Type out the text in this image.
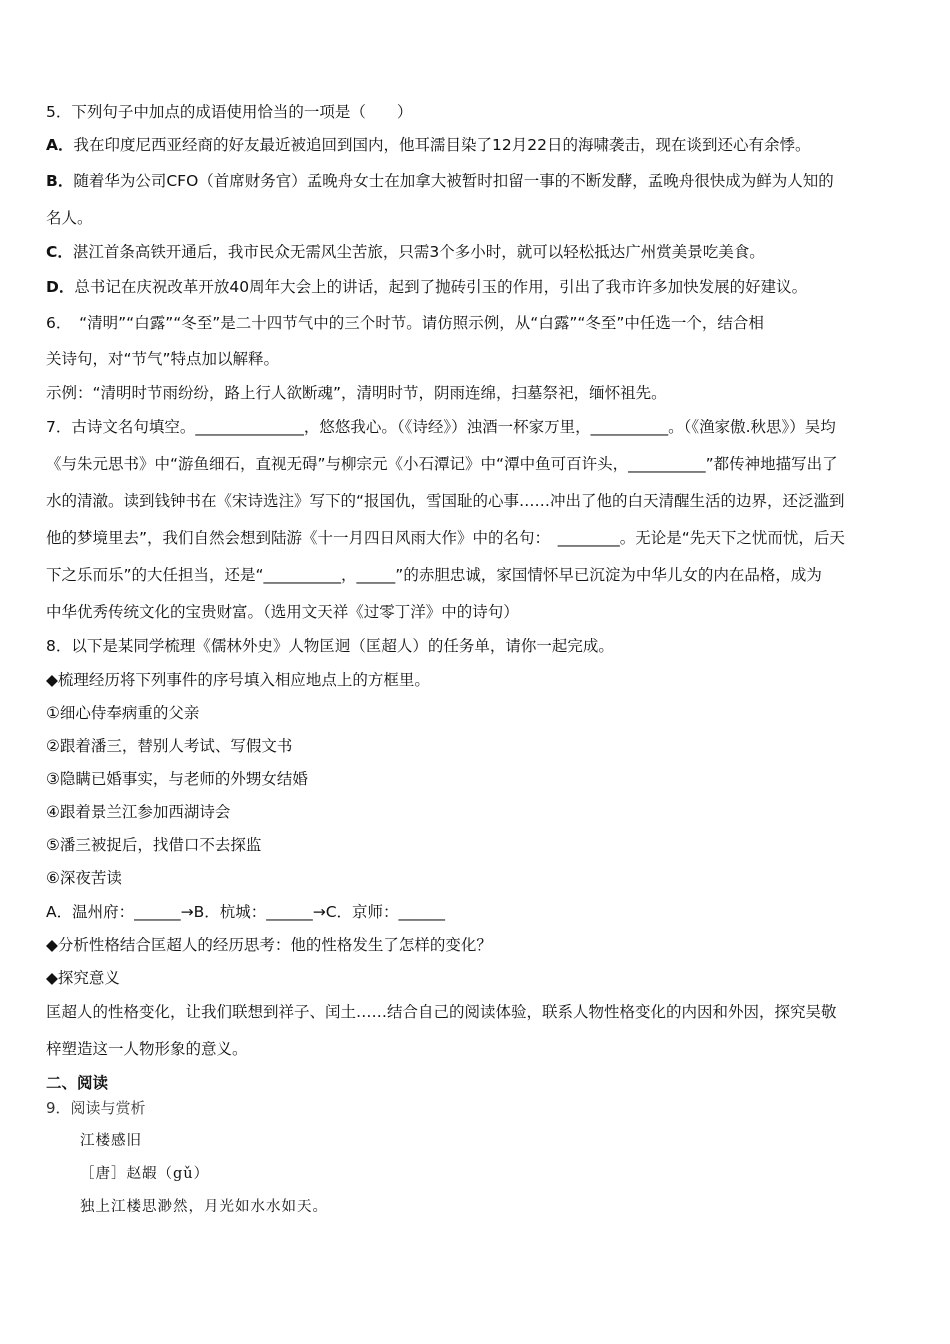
5．下列句子中加点的成语使用恰当的一项是（　　）
A．我在印度尼西亚经商的好友最近被追回到国内，他耳濡目染了12月22日的海啸袭击，现在谈到还心有余悸。
B．随着华为公司CFO（首席财务官）孟晚舟女士在加拿大被暂时扣留一事的不断发酵，孟晚舟很快成为鲜为人知的
名人。
C．湛江首条高铁开通后，我市民众无需风尘苦旅，只需3个多小时，就可以轻松抵达广州赏美景吃美食。
D．总书记在庆祝改革开放40周年大会上的讲话，起到了抛砖引玉的作用，引出了我市许多加快发展的好建议。
6．　“清明”“白露”“冬至”是二十四节气中的三个时节。请仿照示例，从“白露”“冬至”中任选一个，结合相
关诗句，对“节气”特点加以解释。
示例：“清明时节雨纷纷，路上行人欲断魂”，清明时节，阴雨连绵，扫墓祭祀，缅怀祖先。
7．古诗文名句填空。______________，悠悠我心。（《诗经》）浊酒一杯家万里，__________。（《渔家傲.秋思》）吴均
《与朱元思书》中“游鱼细石，直视无碍”与柳宗元《小石潭记》中“潭中鱼可百许头，__________”都传神地描写出了
水的清澈。读到钱钟书在《宋诗选注》写下的“报国仇，雪国耻的心事……冲出了他的白天清醒生活的边界，还泛滥到
他的梦境里去”，我们自然会想到陆游《十一月四日风雨大作》中的名句：　________。无论是“先天下之忧而忧，后天
下之乐而乐”的大任担当，还是“__________，_____”的赤胆忠诚，家国情怀早已沉淀为中华儿女的内在品格，成为
中华优秀传统文化的宝贵财富。（选用文天祥《过零丁洋》中的诗句）
8．以下是某同学梳理《儒林外史》人物匡迥（匡超人）的任务单，请你一起完成。
◆梳理经历将下列事件的序号填入相应地点上的方框里。
①细心侍奉病重的父亲
②跟着潘三，替别人考试、写假文书
③隐瞒已婚事实，与老师的外甥女结婚
④跟着景兰江参加西湖诗会
⑤潘三被捉后，找借口不去探监
⑥深夜苦读
A．温州府：______→B．杭城：______→C．京师：______
◆分析性格结合匡超人的经历思考：他的性格发生了怎样的变化？
◆探究意义
匡超人的性格变化，让我们联想到祥子、闰土……结合自己的阅读体验，联系人物性格变化的内因和外因，探究吴敬
梓塑造这一人物形象的意义。
二、阅读
9．阅读与赏析
江楼感旧
［唐］赵嘏（gǔ）
独上江楼思渺然，月光如水水如天。
